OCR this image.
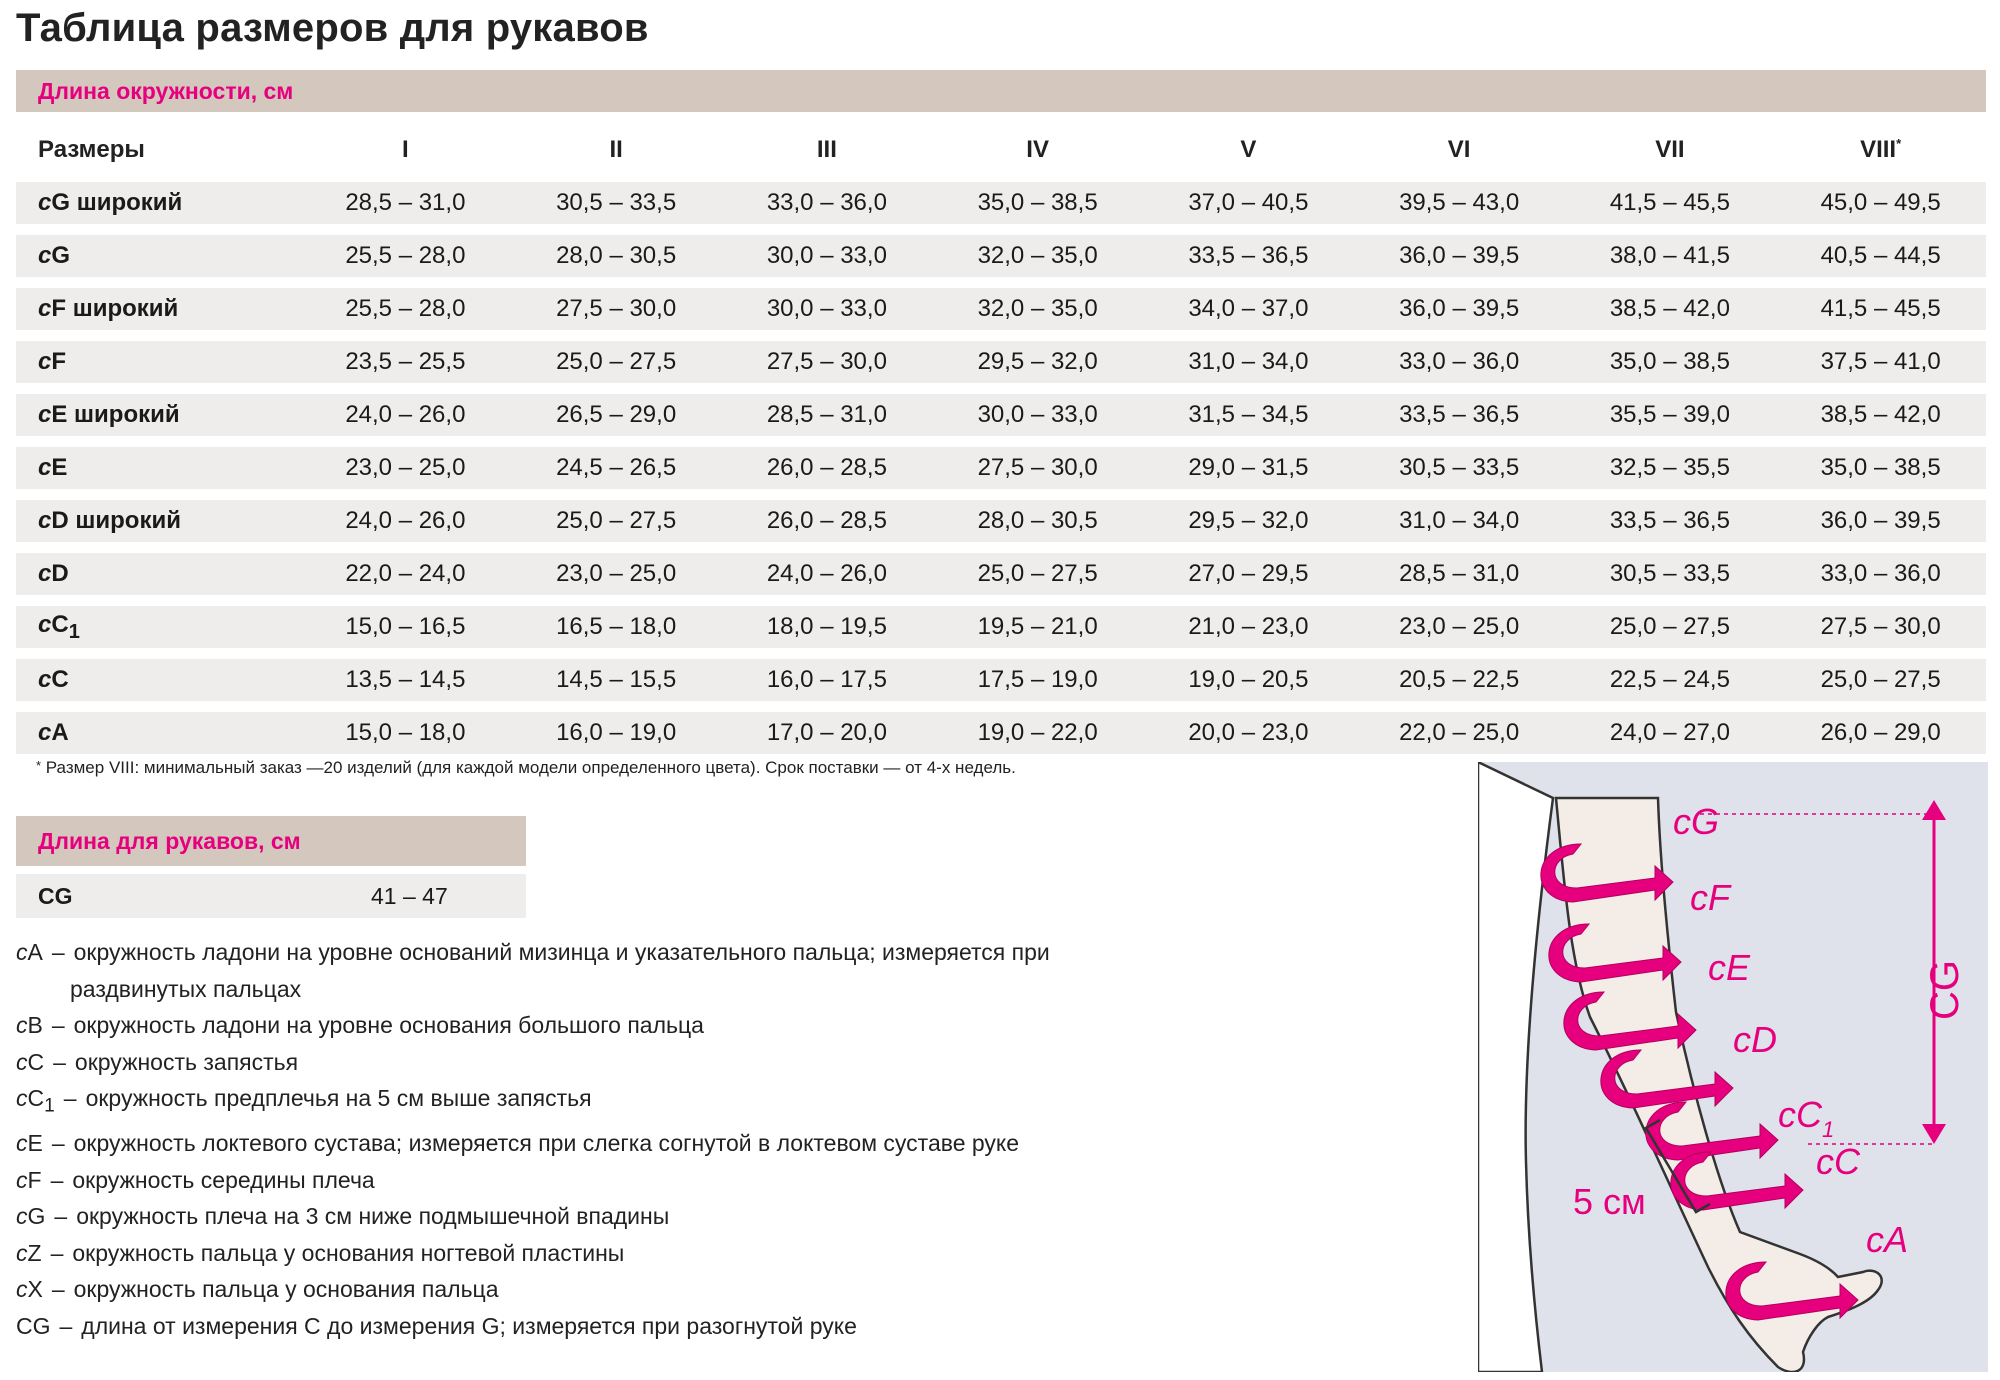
Таблица размеров для рукавов
Длина окружности, см
Размеры	I	II	III	IV	V	VI	VII	VIII*
cG широкий	28,5 – 31,0	30,5 – 33,5	33,0 – 36,0	35,0 – 38,5	37,0 – 40,5	39,5 – 43,0	41,5 – 45,5	45,0 – 49,5
cG	25,5 – 28,0	28,0 – 30,5	30,0 – 33,0	32,0 – 35,0	33,5 – 36,5	36,0 – 39,5	38,0 – 41,5	40,5 – 44,5
cF широкий	25,5 – 28,0	27,5 – 30,0	30,0 – 33,0	32,0 – 35,0	34,0 – 37,0	36,0 – 39,5	38,5 – 42,0	41,5 – 45,5
cF	23,5 – 25,5	25,0 – 27,5	27,5 – 30,0	29,5 – 32,0	31,0 – 34,0	33,0 – 36,0	35,0 – 38,5	37,5 – 41,0
cE широкий	24,0 – 26,0	26,5 – 29,0	28,5 – 31,0	30,0 – 33,0	31,5 – 34,5	33,5 – 36,5	35,5 – 39,0	38,5 – 42,0
cE	23,0 – 25,0	24,5 – 26,5	26,0 – 28,5	27,5 – 30,0	29,0 – 31,5	30,5 – 33,5	32,5 – 35,5	35,0 – 38,5
cD широкий	24,0 – 26,0	25,0 – 27,5	26,0 – 28,5	28,0 – 30,5	29,5 – 32,0	31,0 – 34,0	33,5 – 36,5	36,0 – 39,5
cD	22,0 – 24,0	23,0 – 25,0	24,0 – 26,0	25,0 – 27,5	27,0 – 29,5	28,5 – 31,0	30,5 – 33,5	33,0 – 36,0
$cC_1$	15,0 – 16,5	16,5 – 18,0	18,0 – 19,5	19,5 – 21,0	21,0 – 23,0	23,0 – 25,0	25,0 – 27,5	27,5 – 30,0
cC	13,5 – 14,5	14,5 – 15,5	16,0 – 17,5	17,5 – 19,0	19,0 – 20,5	20,5 – 22,5	22,5 – 24,5	25,0 – 27,5
cA	15,0 – 18,0	16,0 – 19,0	17,0 – 20,0	19,0 – 22,0	20,0 – 23,0	22,0 – 25,0	24,0 – 27,0	26,0 – 29,0
* Размер VIII: минимальный заказ —20 изделий (для каждой модели определенного цвета). Срок поставки — от 4-х недель.
Длина для рукавов, см
CG	41 – 47
cA – окружность ладони на уровне оснований мизинца и указательного пальца; измеряется при
раздвинутых пальцах
cB – окружность ладони на уровне основания большого пальца
cC – окружность запястья
$cC_1$ – окружность предплечья на 5 см выше запястья
cE – окружность локтевого сустава; измеряется при слегка согнутой в локтевом суставе руке
cF – окружность середины плеча
cG – окружность плеча на 3 см ниже подмышечной впадины
cZ – окружность пальца у основания ногтевой пластины
cX – окружность пальца у основания пальца
CG – длина от измерения С до измерения G; измеряется при разогнутой руке
CG
5 см
cG
cF
cE
cD
$cC_1$
cC
cA
